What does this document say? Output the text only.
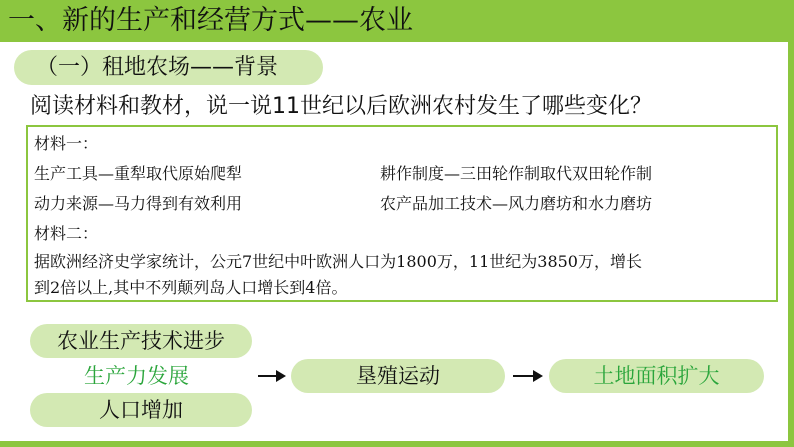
一、新的生产和经营方式——农业
（一）租地农场——背景
阅读材料和教材，说一说11世纪以后欧洲农村发生了哪些变化？
材料一：
生产工具—重犁取代原始爬犁	耕作制度—三田轮作制取代双田轮作制
动力来源—马力得到有效利用	农产品加工技术—风力磨坊和水力磨坊
材料二：
据欧洲经济史学家统计，公元7世纪中叶欧洲人口为1800万，11世纪为3850万，增长
到2倍以上,其中不列颠列岛人口增长到4倍。
农业生产技术进步
生产力发展
人口增加
垦殖运动	土地面积扩大
